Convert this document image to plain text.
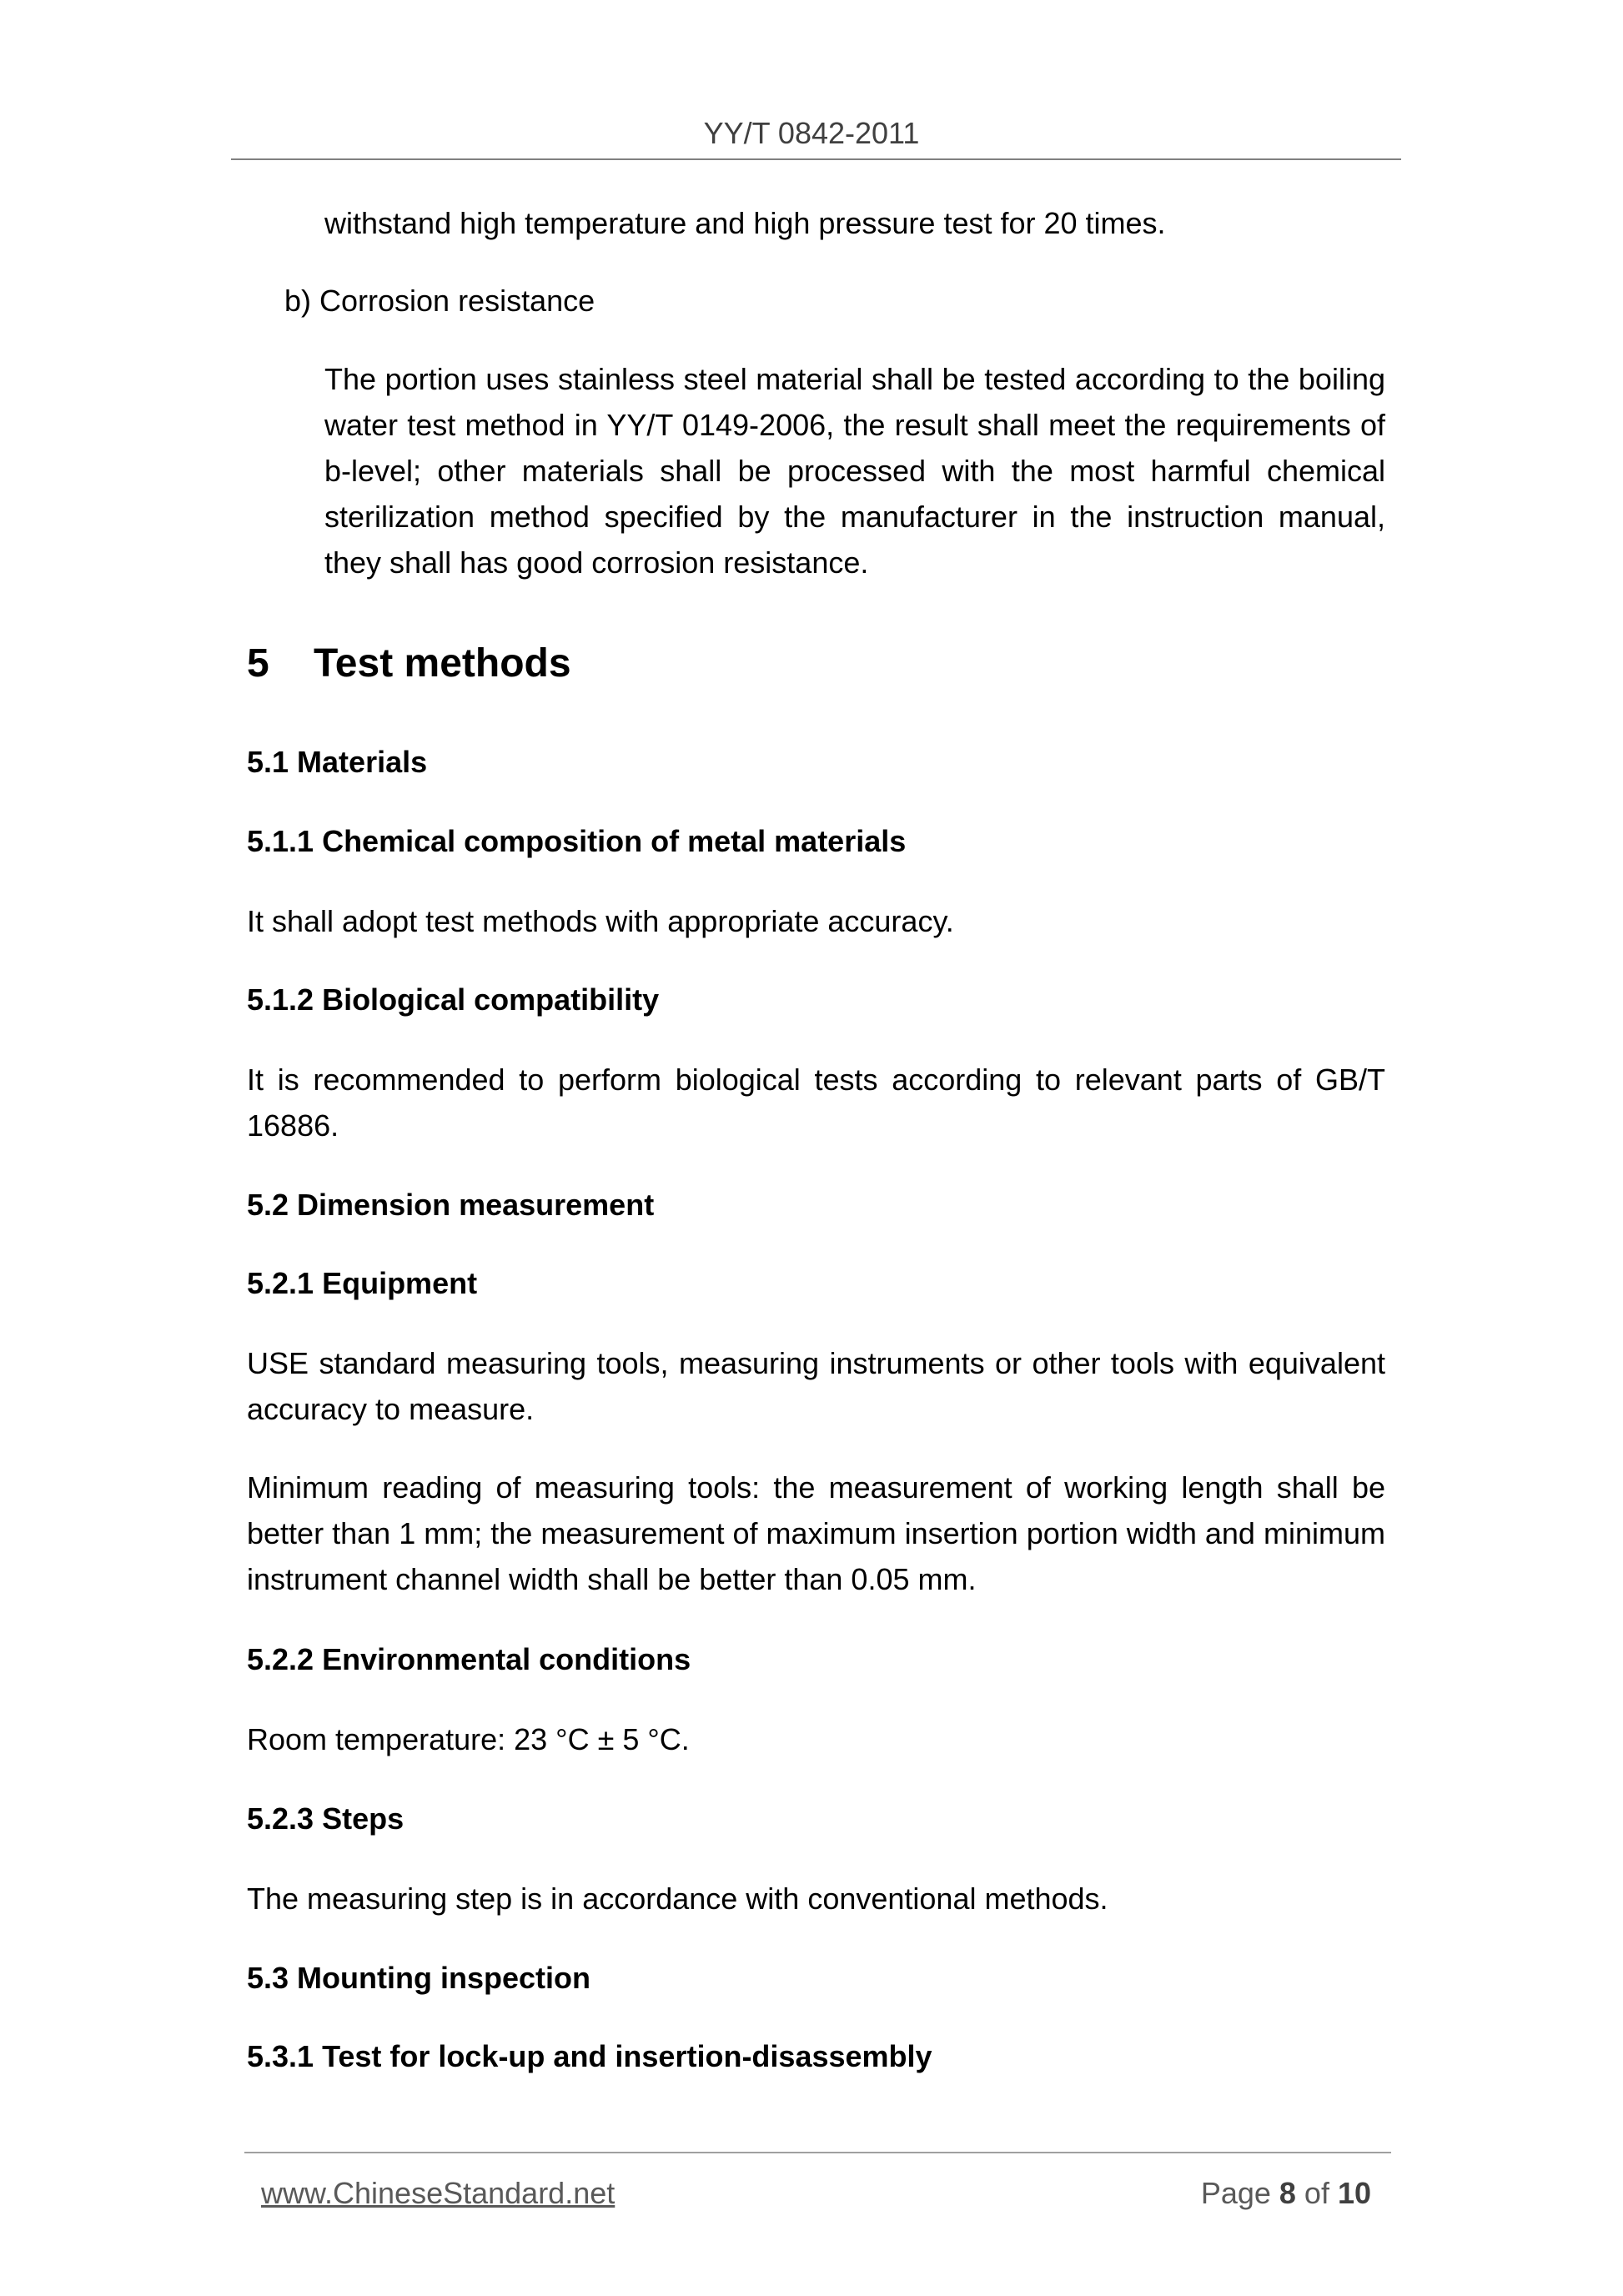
YY/T 0842-2011

withstand high temperature and high pressure test for 20 times.

b) Corrosion resistance

The portion uses stainless steel material shall be tested according to the boiling water test method in YY/T 0149-2006, the result shall meet the requirements of b-level; other materials shall be processed with the most harmful chemical sterilization method specified by the manufacturer in the instruction manual, they shall has good corrosion resistance.

5    Test methods
5.1 Materials
5.1.1 Chemical composition of metal materials

It shall adopt test methods with appropriate accuracy.

5.1.2 Biological compatibility

It is recommended to perform biological tests according to relevant parts of GB/T 16886.

5.2 Dimension measurement
5.2.1 Equipment

USE standard measuring tools, measuring instruments or other tools with equivalent accuracy to measure.

Minimum reading of measuring tools: the measurement of working length shall be better than 1 mm; the measurement of maximum insertion portion width and minimum instrument channel width shall be better than 0.05 mm.

5.2.2 Environmental conditions

Room temperature: 23 °C ± 5 °C.

5.2.3 Steps

The measuring step is in accordance with conventional methods.

5.3 Mounting inspection
5.3.1 Test for lock-up and insertion-disassembly
www.ChineseStandard.net	Page 8 of 10
